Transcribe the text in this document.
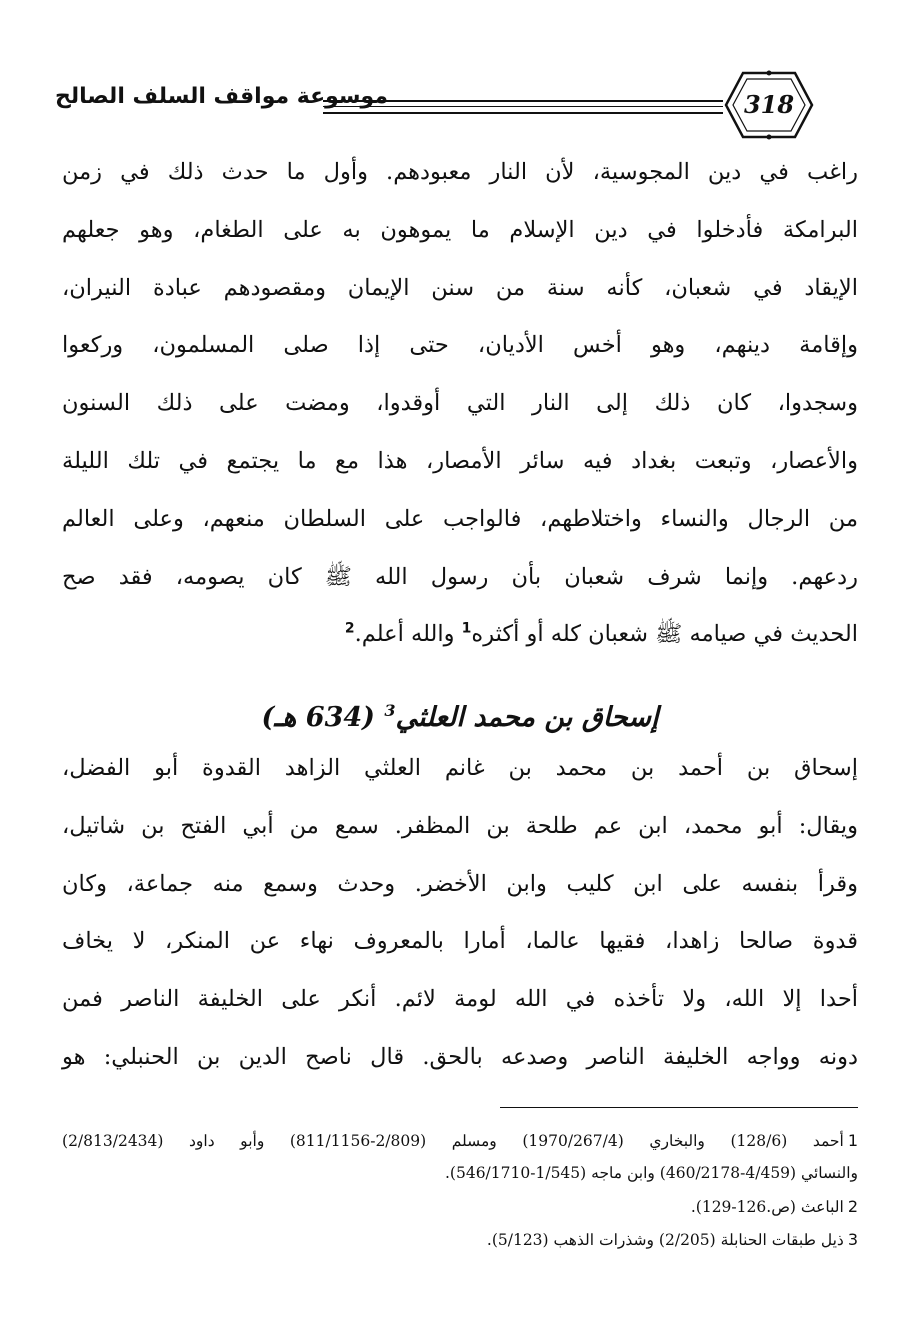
موسوعة مواقف السلف الصالح	318
راغب في دين المجوسية، لأن النار معبودهم. وأول ما حدث ذلك في زمن
البرامكة فأدخلوا في دين الإسلام ما يموهون به على الطغام، وهو جعلهم
الإيقاد في شعبان، كأنه سنة من سنن الإيمان ومقصودهم عبادة النيران،
وإقامة دينهم، وهو أخس الأديان، حتى إذا صلى المسلمون، وركعوا
وسجدوا، كان ذلك إلى النار التي أوقدوا، ومضت على ذلك السنون
والأعصار، وتبعت بغداد فيه سائر الأمصار، هذا مع ما يجتمع في تلك الليلة
من الرجال والنساء واختلاطهم، فالواجب على السلطان منعهم، وعلى العالم
ردعهم. وإنما شرف شعبان بأن رسول الله ﷺ كان يصومه، فقد صح
الحديث في صيامه ﷺ شعبان كله أو أكثره$^1$ والله أعلم.$^2$
إسحاق بن محمد العلثي$^3$ (634 هـ)
إسحاق بن أحمد بن محمد بن غانم العلثي الزاهد القدوة أبو الفضل،
ويقال: أبو محمد، ابن عم طلحة بن المظفر. سمع من أبي الفتح بن شاتيل،
وقرأ بنفسه على ابن كليب وابن الأخضر. وحدث وسمع منه جماعة، وكان
قدوة صالحا زاهدا، فقيها عالما، أمارا بالمعروف نهاء عن المنكر، لا يخاف
أحدا إلا الله، ولا تأخذه في الله لومة لائم. أنكر على الخليفة الناصر فمن
دونه وواجه الخليفة الناصر وصدعه بالحق. قال ناصح الدين بن الحنبلي: هو
1أحمد (128/6) والبخاري (1970/267/4) ومسلم (2/809-811/1156) وأبو داود (2/813/2434)
والنسائي (4/459-460/2178) وابن ماجه (1/545-546/1710).
2الباعث (ص.126-129).
3ذيل طبقات الحنابلة (2/205) وشذرات الذهب (5/123).
